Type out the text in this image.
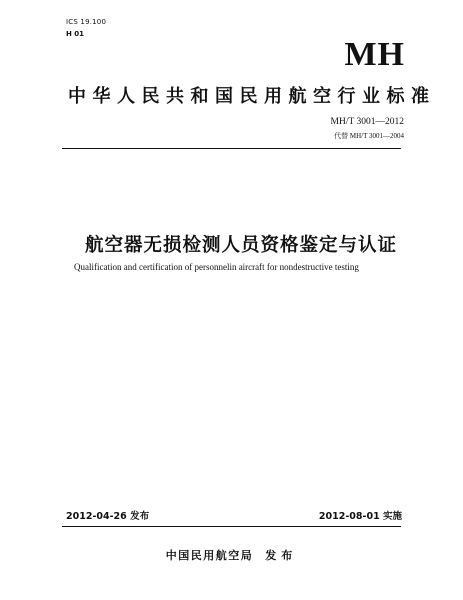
ICS 19.100
H 01
MH
中华人民共和国民用航空行业标准
MH/T 3001—2012
代替 MH/T 3001—2004
航空器无损检测人员资格鉴定与认证
Qualification and certification of personnelin aircraft for nondestructive testing
2012-04-26 发布	2012-08-01 实施
中国民用航空局 发布
